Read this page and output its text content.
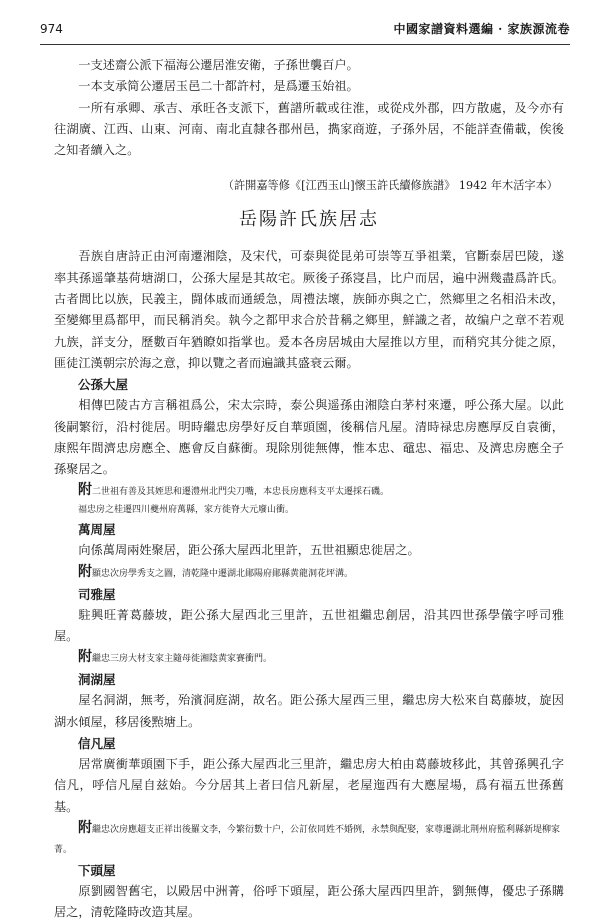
974	中國家譜資料選編 · 家族源流卷

一支述齋公派下福海公遷居淮安衛，子孫世襲百户。

一本支承简公遷居玉邑二十都許村，是爲遷玉始祖。

一所有承卿、承吉、承旺各支派下，舊譜所載或往淮，或從戍外郡，四方散處，及今亦有往湖廣、江西、山東、河南、南北直隸各郡州邑，擕家商遊，子孫外居，不能詳查備載，俟後之知者續入之。

（許開嘉等修《[江西玉山]懷玉許氏續修族譜》 1942 年木活字本）

岳陽許氏族居志

吾族自唐詩正由河南遷湘陰，及宋代，可泰與從昆弟可崇等互爭祖業，官斷泰居巴陵，遂率其孫遥肇基荷塘湖口，公孫大屋是其故宅。厥後子孫寖昌，比户而居，遍中洲幾盡爲許氏。古者閭比以族，民義主，闘体戚而通緩急，周禮法壞，族師亦與之亡，然鄉里之名相沿未改，至變鄉里爲都甲，而民稱消矣。執今之都甲求合於昔稱之鄉里，鮮識之者，故编户之章不若观九族，詳支分，歷數百年猶瞭如指掌也。爰本各房居城由大屋推以方里，而稍究其分徙之原，匪徒江漢朝宗於海之意，抑以覽之者而遍識其盛衰云爾。

公孫大屋

相傳巴陵古方言稱祖爲公，宋太宗時，泰公與遥孫由湘陰白茅村來遷，呼公孫大屋。以此後嗣繁衍，沿村徙居。明時繼忠房學好反自華頭園，後稱信凡屋。清時禄忠房應厚反自袁衝，康熙年間濟忠房應全、應會反自蘇衝。現除別徙無傳，惟本忠、黿忠、福忠、及濟忠房應全子孫聚居之。

附二世祖有善及其姪思和遷澧州北門尖刀嘴，本忠長房應科支平太遷採石磯。
福忠房之桂遷四川夔州府萬縣，家方徙脊大元廢山衝。
萬周屋

向係萬周兩姓聚居，距公孫大屋西北里許，五世祖顯忠徙居之。

附顯忠次房學秀支之圖，清乾隆中遷湖北鄖陽府鄖縣黄龍洞花坪溝。
司雅屋

駐興旺菁葛藤坡，距公孫大屋西北三里許，五世祖繼忠創居，沿其四世孫學儀字呼司雅屋。

附繼忠三房大材支家主隨母徙湘陰黄家賽衝門。
洞湖屋

屋名洞湖，無考，殆濱洞庭湖，故名。距公孫大屋西三里，繼忠房大松來自葛藤坡，旋因湖水傾屋，移居後㸃塘上。

信凡屋

居常廣衝華頭園下手，距公孫大屋西北三里許，繼忠房大柏由葛藤坡移此，其曾孫興孔字信凡，呼信凡屋自兹始。今分居其上者曰信凡新屋，老屋迤西有大應屋場，爲有福五世孫舊基。

附繼忠次房應超支正祥出後羅文李，今繁衍數十户，公訂依同姓不婚例，永禁與配娶，家尊遷湖北荆州府監利縣新堤柳家菁。
下頭屋

原劉國智舊宅，以殿居中洲菁，俗呼下頭屋，距公孫大屋西四里許，劉無傳，優忠子孫購居之，清乾隆時改造其屋。
